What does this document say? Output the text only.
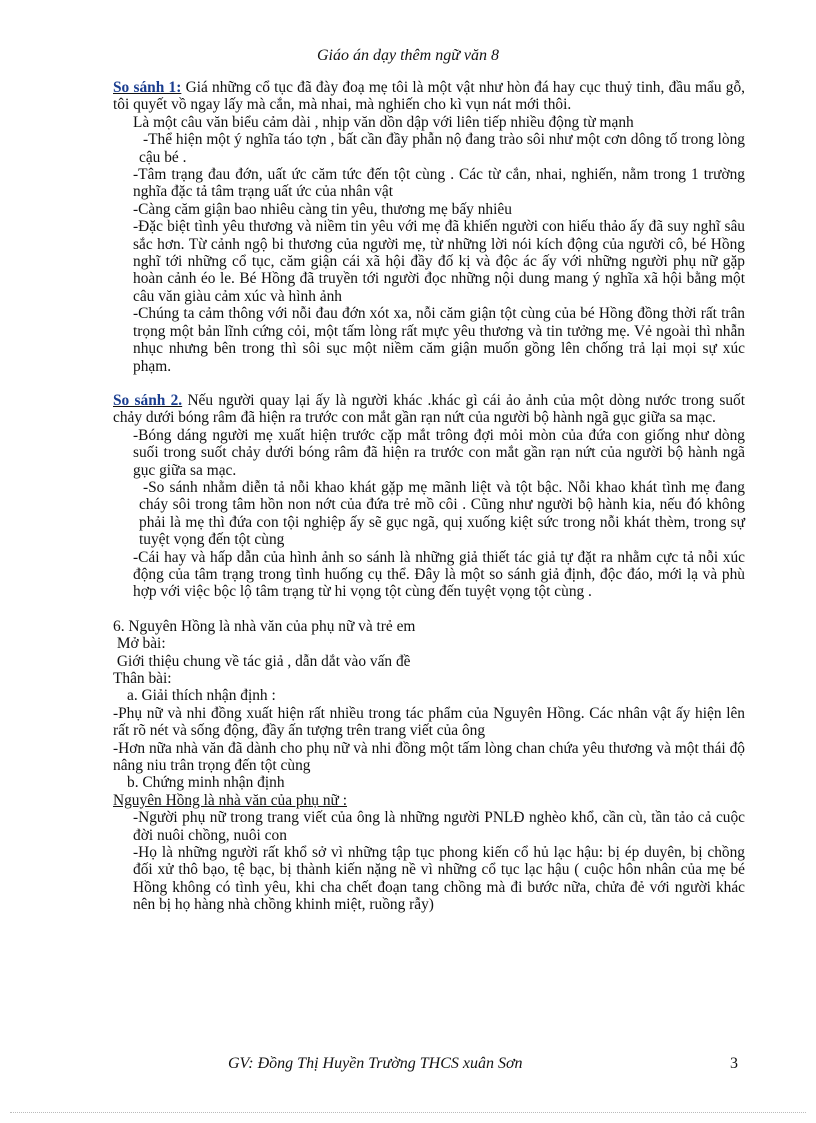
Giáo án dạy thêm ngữ văn 8

So sánh 1: Giá những cổ tục đã đày đoạ mẹ tôi là một vật như hòn đá hay cục thuỷ tinh, đầu mẩu gỗ, tôi quyết vồ ngay lấy mà cắn, mà nhai, mà nghiến cho kì vụn nát mới thôi.

Là một câu văn biểu cảm dài , nhịp văn dồn dập với liên tiếp nhiều động từ mạnh

-Thể hiện một ý nghĩa táo tợn , bất cần đầy phẫn nộ đang trào sôi như một cơn dông tố trong lòng cậu bé .

-Tâm trạng đau đớn, uất ức căm tức đến tột cùng . Các từ cắn, nhai, nghiến, nằm trong 1 trường nghĩa đặc tả tâm trạng uất ức của nhân vật

-Càng căm giận bao nhiêu càng tin yêu, thương mẹ bấy nhiêu

-Đặc biệt tình yêu thương và niềm tin yêu với mẹ đã khiến người con hiếu thảo ấy đã suy nghĩ sâu sắc hơn. Từ cảnh ngộ bi thương của người mẹ, từ những lời nói kích động của người cô, bé Hồng nghĩ tới những cổ tục, căm giận cái xã hội đầy đố kị và độc ác ấy với những người phụ nữ gặp hoàn cảnh éo le. Bé Hồng đã truyền tới người đọc những nội dung mang ý nghĩa xã hội bằng một câu văn giàu cảm xúc và hình ảnh

-Chúng ta cảm thông với nỗi đau đớn xót xa, nỗi căm giận tột cùng của bé Hồng đồng thời rất trân trọng một bản lĩnh cứng cỏi, một tấm lòng rất mực yêu thương và tin tưởng mẹ. Vẻ ngoài thì nhẫn nhục nhưng bên trong thì sôi sục một niềm căm giận muốn gồng lên chống trả lại mọi sự xúc phạm.

So sánh 2. Nếu người quay lại ấy là người khác .khác gì cái ảo ảnh của một dòng nước trong suốt chảy dưới bóng râm đã hiện ra trước con mắt gần rạn nứt của người bộ hành ngã gục giữa sa mạc.

-Bóng dáng người mẹ xuất hiện trước cặp mắt trông đợi mỏi mòn của đứa con giống như dòng suối trong suốt chảy dưới bóng râm đã hiện ra trước con mắt gần rạn nứt của người bộ hành ngã gục giữa sa mạc.

-So sánh nhằm diễn tả nỗi khao khát gặp mẹ mãnh liệt và tột bậc. Nỗi khao khát tình mẹ đang cháy sôi trong tâm hồn non nớt của đứa trẻ mồ côi . Cũng như người bộ hành kia, nếu đó không phải là mẹ thì đứa con tội nghiệp ấy sẽ gục ngã, quị xuống kiệt sức trong nỗi khát thèm, trong sự tuyệt vọng đến tột cùng

-Cái hay và hấp dẫn của hình ảnh so sánh là những giả thiết tác giả tự đặt ra nhằm cực tả nỗi xúc động của tâm trạng trong tình huống cụ thể. Đây là một so sánh giả định, độc đáo, mới lạ và phù hợp với việc bộc lộ tâm trạng từ hi vọng tột cùng đến tuyệt vọng tột cùng .

6. Nguyên Hồng là nhà văn của phụ nữ và trẻ em

Mở bài:

Giới thiệu chung về tác giả , dẫn dắt vào vấn đề

Thân bài:

a. Giải thích nhận định :

-Phụ nữ và nhi đồng xuất hiện rất nhiều trong tác phẩm của Nguyên Hồng. Các nhân vật ấy hiện lên rất rõ nét và sống động, đầy ấn tượng trên trang viết của ông

-Hơn nữa nhà văn đã dành cho phụ nữ và nhi đồng một tấm lòng chan chứa yêu thương và một thái độ nâng niu trân trọng đến tột cùng

b. Chứng minh nhận định

Nguyên Hồng là nhà văn của phụ nữ :

-Người phụ nữ trong trang viết của ông là những người PNLĐ nghèo khổ, cần cù, tần tảo cả cuộc đời nuôi chồng, nuôi con

-Họ là những người rất khổ sở vì những tập tục phong kiến cổ hủ lạc hậu: bị ép duyên, bị chồng đối xử thô bạo, tệ bạc, bị thành kiến nặng nề vì những cổ tục lạc hậu ( cuộc hôn nhân của mẹ bé Hồng không có tình yêu, khi cha chết đoạn tang chồng mà đi bước nữa, chửa đẻ với người khác nên bị họ hàng nhà chồng khinh miệt, ruồng rẫy)

GV: Đồng Thị Huyền Trường THCS xuân Sơn	3
